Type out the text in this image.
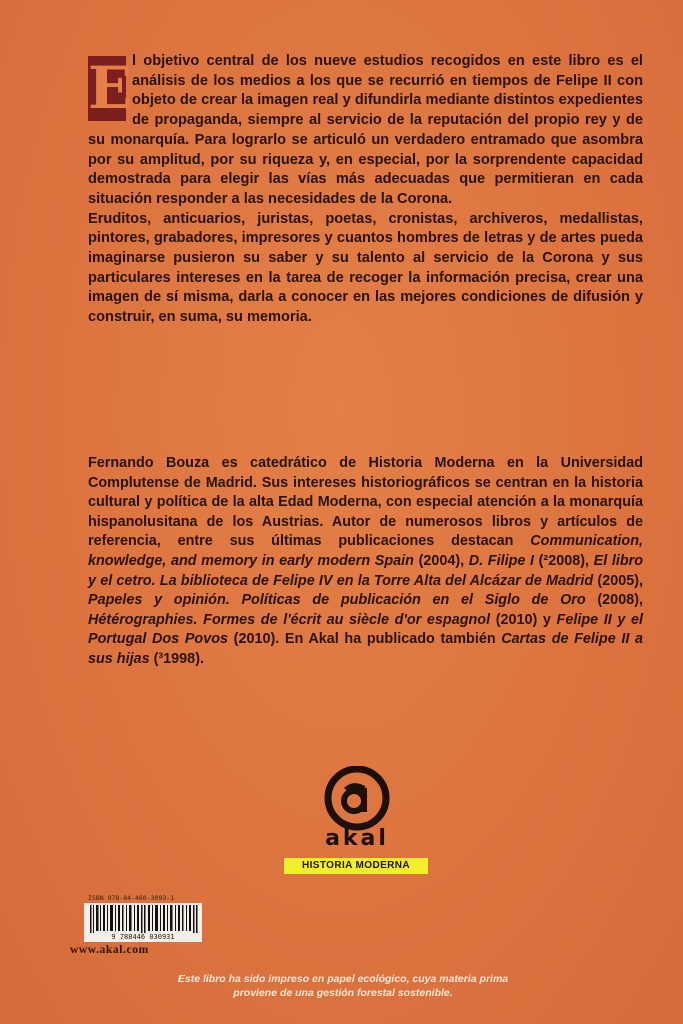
E l objetivo central de los nueve estudios recogidos en este libro es el análisis de los medios a los que se recurrió en tiempos de Felipe II con objeto de crear la imagen real y difundirla mediante distintos expedientes de propaganda, siempre al servicio de la reputación del propio rey y de su monarquía. Para lograrlo se articuló un verdadero entramado que asombra por su amplitud, por su riqueza y, en especial, por la sorprendente capacidad demostrada para elegir las vías más adecuadas que permitieran en cada situación responder a las necesidades de la Corona.

Eruditos, anticuarios, juristas, poetas, cronistas, archiveros, medallistas, pintores, grabadores, impresores y cuantos hombres de letras y de artes pueda imaginarse pusieron su saber y su talento al servicio de la Corona y sus particulares intereses en la tarea de recoger la información precisa, crear una imagen de sí misma, darla a conocer en las mejores condiciones de difusión y construir, en suma, su memoria.

Fernando Bouza es catedrático de Historia Moderna en la Universidad Complutense de Madrid. Sus intereses historiográficos se centran en la historia cultural y política de la alta Edad Moderna, con especial atención a la monarquía hispanolusitana de los Austrias. Autor de numerosos libros y artículos de referencia, entre sus últimas publicaciones destacan Communication, knowledge, and memory in early modern Spain (2004), D. Filipe I (²2008), El libro y el cetro. La biblioteca de Felipe IV en la Torre Alta del Alcázar de Madrid (2005), Papeles y opinión. Políticas de publicación en el Siglo de Oro (2008), Hétérographies. Formes de l'écrit au siècle d'or espagnol (2010) y Felipe II y el Portugal Dos Povos (2010). En Akal ha publicado también Cartas de Felipe II a sus hijas (³1998).

akal
HISTORIA MODERNA
ISBN 978-84-460-3093-1
9 788446 030931
www.akal.com
Este libro ha sido impreso en papel ecológico, cuya materia prima
proviene de una gestión forestal sostenible.
